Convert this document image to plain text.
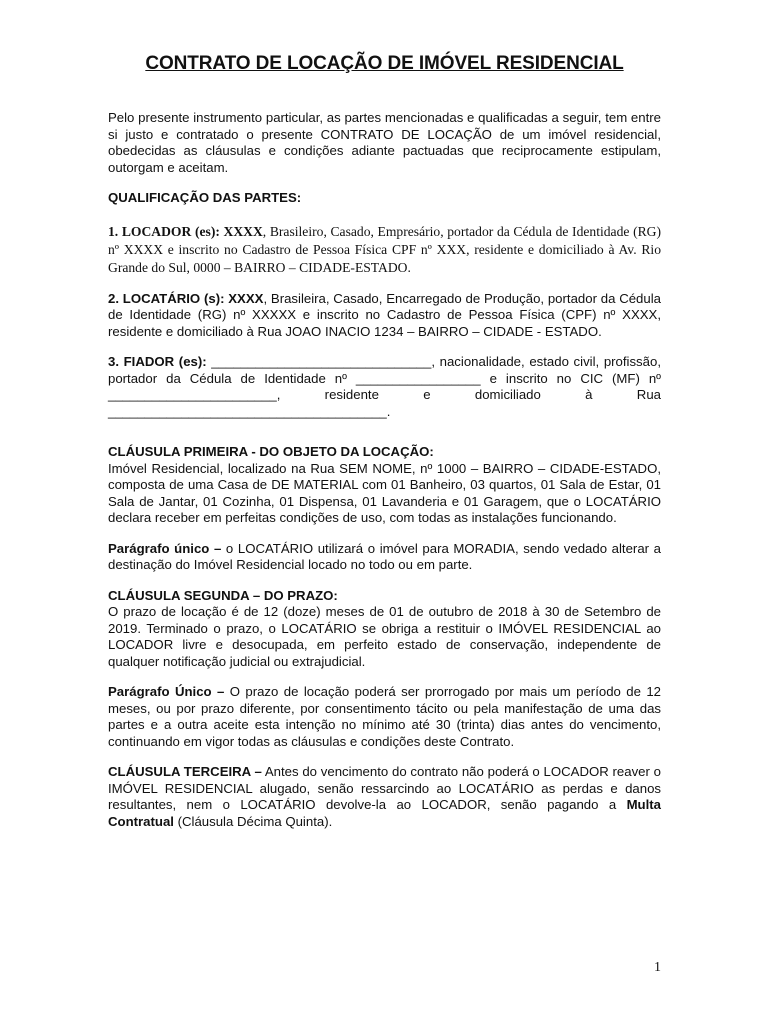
CONTRATO DE LOCAÇÃO DE IMÓVEL RESIDENCIAL

Pelo presente instrumento particular, as partes mencionadas e qualificadas a seguir, tem entre si justo e contratado o presente CONTRATO DE LOCAÇÃO de um imóvel residencial, obedecidas as cláusulas e condições adiante pactuadas que reciprocamente estipulam, outorgam e aceitam.

QUALIFICAÇÃO DAS PARTES:

1. LOCADOR (es): XXXX, Brasileiro, Casado, Empresário, portador da Cédula de Identidade (RG) nº XXXX e inscrito no Cadastro de Pessoa Física CPF nº XXX, residente e domiciliado à Av. Rio Grande do Sul, 0000 – BAIRRO – CIDADE-ESTADO.

2. LOCATÁRIO (s): XXXX, Brasileira, Casado, Encarregado de Produção, portador da Cédula de Identidade (RG) nº XXXXX e inscrito no Cadastro de Pessoa Física (CPF) nº XXXX, residente e domiciliado à Rua JOAO INACIO 1234 – BAIRRO – CIDADE - ESTADO.

3. FIADOR (es): ______________________________, nacionalidade, estado civil, profissão, portador da Cédula de Identidade nº _________________ e inscrito no CIC (MF) nº _______________________, residente e domiciliado à Rua ______________________________________.

CLÁUSULA PRIMEIRA - DO OBJETO DA LOCAÇÃO:

Imóvel Residencial, localizado na Rua SEM NOME, nº 1000 – BAIRRO – CIDADE-ESTADO, composta de uma Casa de DE MATERIAL com 01 Banheiro, 03 quartos, 01 Sala de Estar, 01 Sala de Jantar, 01 Cozinha, 01 Dispensa, 01 Lavanderia e 01 Garagem, que o LOCATÁRIO declara receber em perfeitas condições de uso, com todas as instalações funcionando.

Parágrafo único – o LOCATÁRIO utilizará o imóvel para MORADIA, sendo vedado alterar a destinação do Imóvel Residencial locado no todo ou em parte.

CLÁUSULA SEGUNDA – DO PRAZO:

O prazo de locação é de 12 (doze) meses de 01 de outubro de 2018 à 30 de Setembro de 2019. Terminado o prazo, o LOCATÁRIO se obriga a restituir o IMÓVEL RESIDENCIAL ao LOCADOR livre e desocupada, em perfeito estado de conservação, independente de qualquer notificação judicial ou extrajudicial.

Parágrafo Único – O prazo de locação poderá ser prorrogado por mais um período de 12 meses, ou por prazo diferente, por consentimento tácito ou pela manifestação de uma das partes e a outra aceite esta intenção no mínimo até 30 (trinta) dias antes do vencimento, continuando em vigor todas as cláusulas e condições deste Contrato.

CLÁUSULA TERCEIRA – Antes do vencimento do contrato não poderá o LOCADOR reaver o IMÓVEL RESIDENCIAL alugado, senão ressarcindo ao LOCATÁRIO as perdas e danos resultantes, nem o LOCATÁRIO devolve-la ao LOCADOR, senão pagando a Multa Contratual (Cláusula Décima Quinta).

1
